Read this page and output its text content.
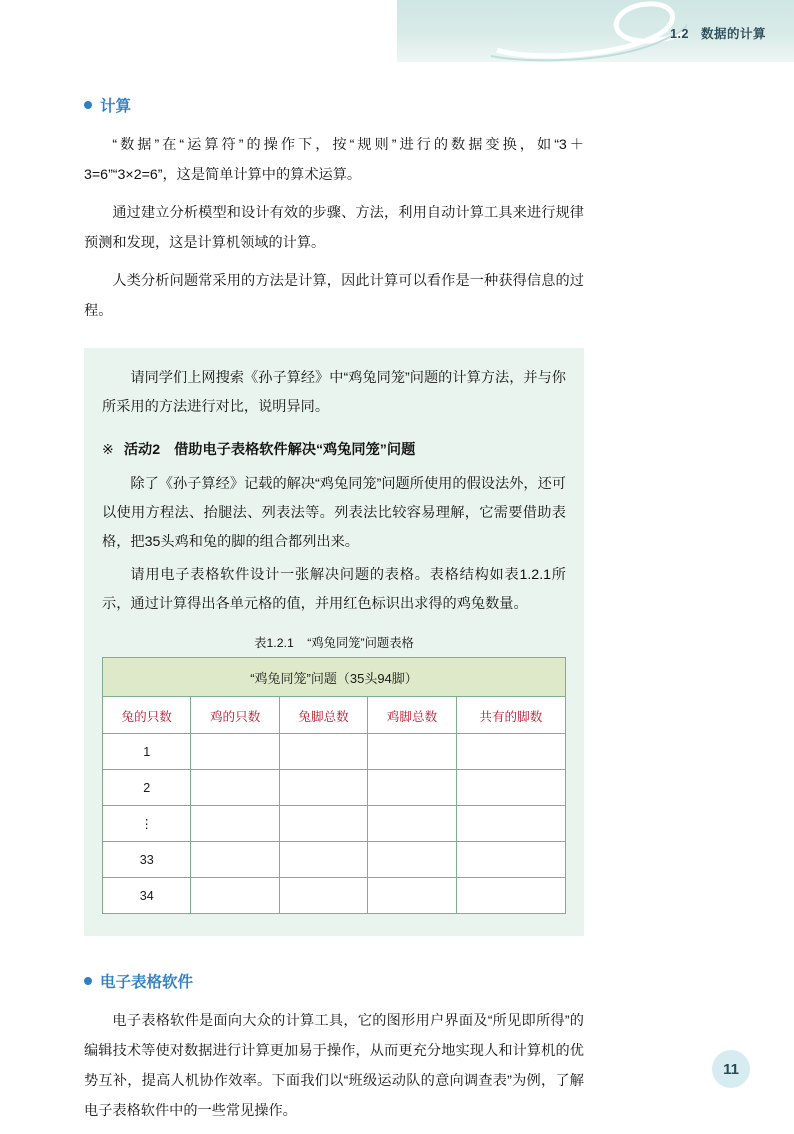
1.2 数据的计算
计算

“数据”在“运算符”的操作下，按“规则”进行的数据变换，如“3＋3=6”“3×2=6”，这是简单计算中的算术运算。

通过建立分析模型和设计有效的步骤、方法，利用自动计算工具来进行规律预测和发现，这是计算机领域的计算。

人类分析问题常采用的方法是计算，因此计算可以看作是一种获得信息的过程。

请同学们上网搜索《孙子算经》中“鸡兔同笼”问题的计算方法，并与你所采用的方法进行对比，说明异同。

※ 活动2 借助电子表格软件解决“鸡兔同笼”问题

除了《孙子算经》记载的解决“鸡兔同笼”问题所使用的假设法外，还可以使用方程法、抬腿法、列表法等。列表法比较容易理解，它需要借助表格，把35头鸡和兔的脚的组合都列出来。

请用电子表格软件设计一张解决问题的表格。表格结构如表1.2.1所示，通过计算得出各单元格的值，并用红色标识出求得的鸡兔数量。

表1.2.1 “鸡兔同笼”问题表格
“鸡兔同笼”问题（35头94脚）				
兔的只数	鸡的只数	兔脚总数	鸡脚总数	共有的脚数
1				
2				
⋮				
33				
34				
电子表格软件

电子表格软件是面向大众的计算工具，它的图形用户界面及“所见即所得”的编辑技术等使对数据进行计算更加易于操作，从而更充分地实现人和计算机的优势互补，提高人机协作效率。下面我们以“班级运动队的意向调查表”为例，了解电子表格软件中的一些常见操作。

11
